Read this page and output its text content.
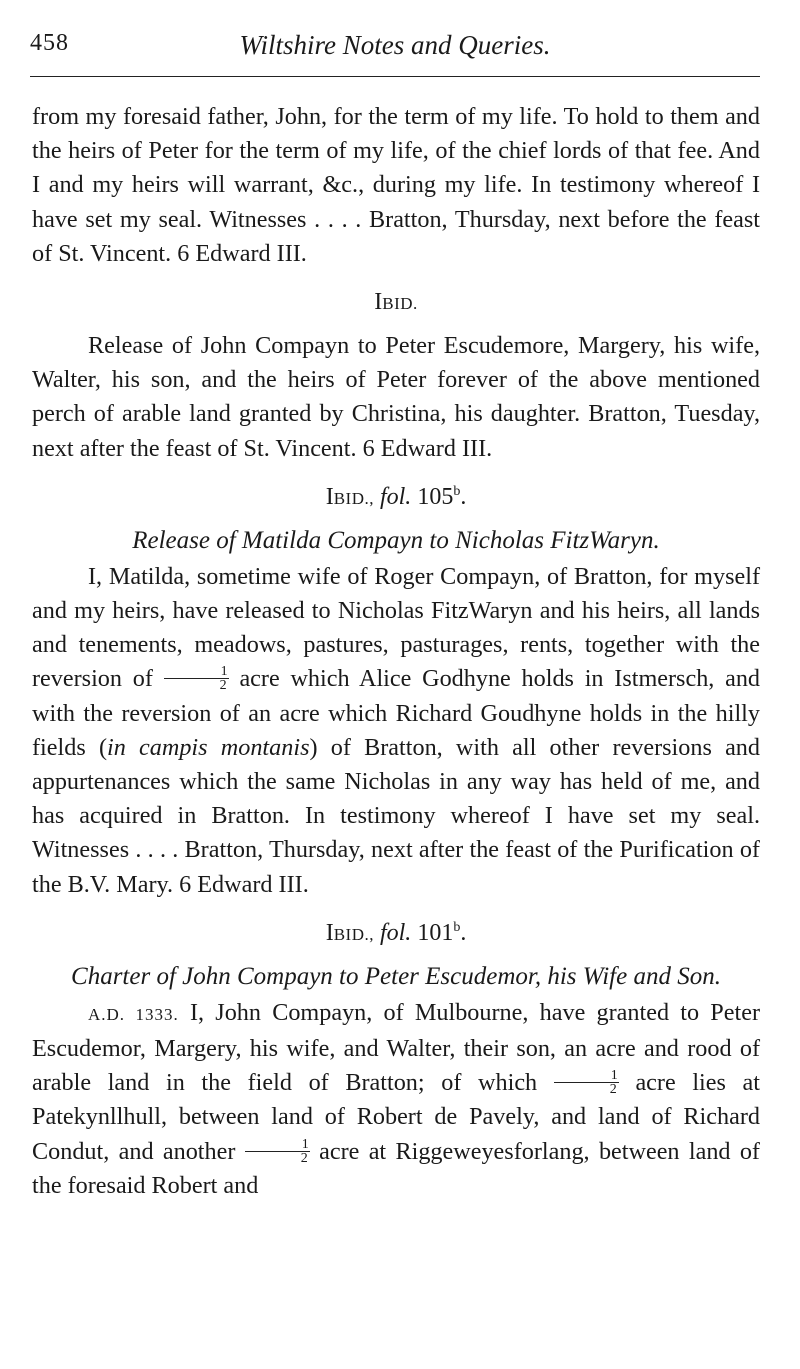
458	Wiltshire Notes and Queries.

from my foresaid father, John, for the term of my life. To hold to them and the heirs of Peter for the term of my life, of the chief lords of that fee. And I and my heirs will warrant, &c., during my life. In testimony whereof I have set my seal. Witnesses . . . . Bratton, Thursday, next before the feast of St. Vincent. 6 Edward III.

IBID.

Release of John Compayn to Peter Escudemore, Margery, his wife, Walter, his son, and the heirs of Peter forever of the above mentioned perch of arable land granted by Christina, his daughter. Bratton, Tuesday, next after the feast of St. Vincent. 6 Edward III.

IBID., fol. 105$^b$.
Release of Matilda Compayn to Nicholas FitzWaryn.

I, Matilda, sometime wife of Roger Compayn, of Bratton, for myself and my heirs, have released to Nicholas FitzWaryn and his heirs, all lands and tenements, meadows, pastures, pasturages, rents, together with the reversion of $\frac{1}{2}$ acre which Alice Godhyne holds in Istmersch, and with the reversion of an acre which Richard Goudhyne holds in the hilly fields (in campis montanis) of Bratton, with all other reversions and appurtenances which the same Nicholas in any way has held of me, and has acquired in Bratton. In testimony whereof I have set my seal. Witnesses . . . . Bratton, Thursday, next after the feast of the Purification of the B.V. Mary. 6 Edward III.

IBID., fol. 101$^b$.
Charter of John Compayn to Peter Escudemor, his Wife and Son.

A.D. 1333. I, John Compayn, of Mulbourne, have granted to Peter Escudemor, Margery, his wife, and Walter, their son, an acre and rood of arable land in the field of Bratton; of which $\frac{1}{2}$ acre lies at Patekynllhull, between land of Robert de Pavely, and land of Richard Condut, and another $\frac{1}{2}$ acre at Riggeweyesforlang, between land of the foresaid Robert and
